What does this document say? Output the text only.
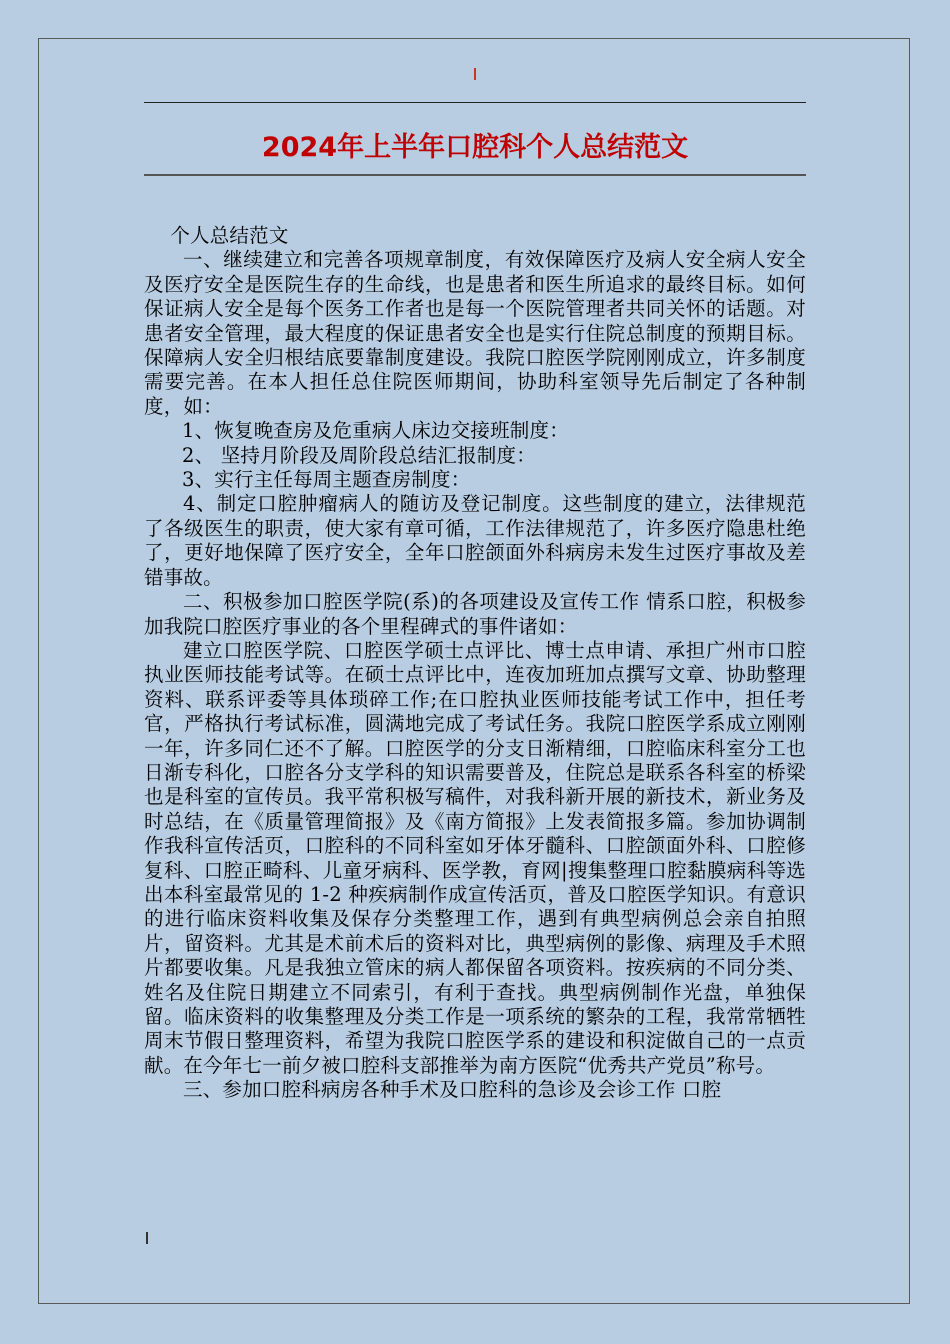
2024年上半年口腔科个人总结范文

个人总结范文

一、继续建立和完善各项规章制度，有效保障医疗及病人安全病人安全及医疗安全是医院生存的生命线，也是患者和医生所追求的最终目标。如何保证病人安全是每个医务工作者也是每一个医院管理者共同关怀的话题。对患者安全管理，最大程度的保证患者安全也是实行住院总制度的预期目标。保障病人安全归根结底要靠制度建设。我院口腔医学院刚刚成立，许多制度需要完善。在本人担任总住院医师期间，协助科室领导先后制定了各种制度，如：

1、恢复晚查房及危重病人床边交接班制度：

2、 坚持月阶段及周阶段总结汇报制度：

3、实行主任每周主题查房制度：

4、制定口腔肿瘤病人的随访及登记制度。这些制度的建立，法律规范了各级医生的职责，使大家有章可循，工作法律规范了，许多医疗隐患杜绝了，更好地保障了医疗安全，全年口腔颌面外科病房未发生过医疗事故及差错事故。

二、积极参加口腔医学院(系)的各项建设及宣传工作 情系口腔，积极参加我院口腔医疗事业的各个里程碑式的事件诸如：

建立口腔医学院、口腔医学硕士点评比、博士点申请、承担广州市口腔执业医师技能考试等。在硕士点评比中，连夜加班加点撰写文章、协助整理资料、联系评委等具体琐碎工作;在口腔执业医师技能考试工作中，担任考官，严格执行考试标准，圆满地完成了考试任务。我院口腔医学系成立刚刚一年，许多同仁还不了解。口腔医学的分支日渐精细，口腔临床科室分工也日渐专科化，口腔各分支学科的知识需要普及，住院总是联系各科室的桥梁也是科室的宣传员。我平常积极写稿件，对我科新开展的新技术，新业务及时总结，在《质量管理简报》及《南方简报》上发表简报多篇。参加协调制作我科宣传活页，口腔科的不同科室如牙体牙髓科、口腔颌面外科、口腔修复科、口腔正畸科、儿童牙病科、医学教，育网|搜集整理口腔黏膜病科等选出本科室最常见的 1-2 种疾病制作成宣传活页，普及口腔医学知识。有意识的进行临床资料收集及保存分类整理工作，遇到有典型病例总会亲自拍照片，留资料。尤其是术前术后的资料对比，典型病例的影像、病理及手术照片都要收集。凡是我独立管床的病人都保留各项资料。按疾病的不同分类、姓名及住院日期建立不同索引，有利于查找。典型病例制作光盘，单独保留。临床资料的收集整理及分类工作是一项系统的繁杂的工程，我常常牺牲周末节假日整理资料，希望为我院口腔医学系的建设和积淀做自己的一点贡献。在今年七一前夕被口腔科支部推举为南方医院“优秀共产党员”称号。

三、参加口腔科病房各种手术及口腔科的急诊及会诊工作 口腔
